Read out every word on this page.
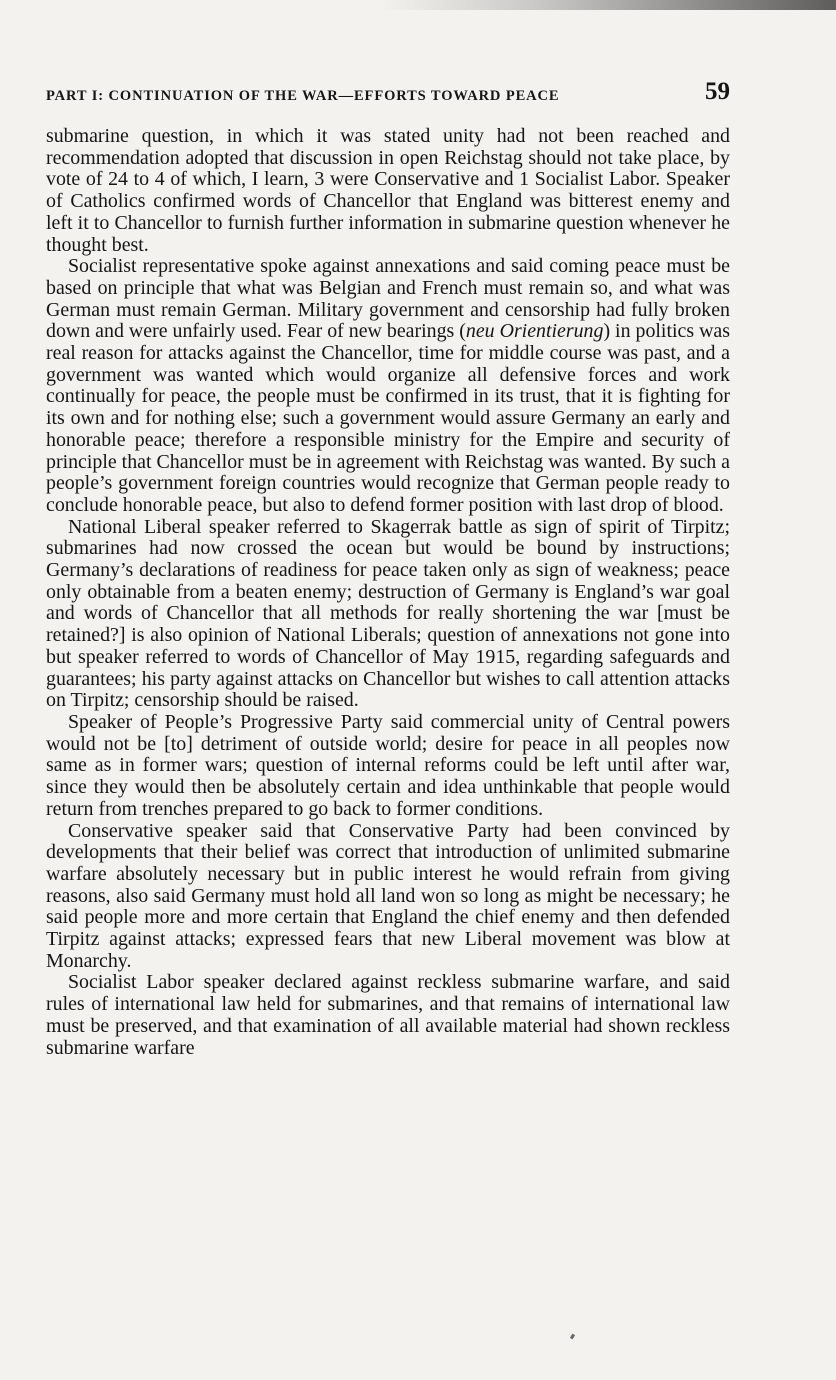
PART I: CONTINUATION OF THE WAR—EFFORTS TOWARD PEACE	59

submarine question, in which it was stated unity had not been reached and recommendation adopted that discussion in open Reichstag should not take place, by vote of 24 to 4 of which, I learn, 3 were Conservative and 1 Socialist Labor. Speaker of Catholics confirmed words of Chancellor that England was bitterest enemy and left it to Chancellor to furnish further information in submarine question whenever he thought best.

Socialist representative spoke against annexations and said coming peace must be based on principle that what was Belgian and French must remain so, and what was German must remain German. Military government and censorship had fully broken down and were unfairly used. Fear of new bearings (neu Orientierung) in politics was real reason for attacks against the Chancellor, time for middle course was past, and a government was wanted which would organize all defensive forces and work continually for peace, the people must be confirmed in its trust, that it is fighting for its own and for nothing else; such a government would assure Germany an early and honorable peace; therefore a responsible ministry for the Empire and security of principle that Chancellor must be in agreement with Reichstag was wanted. By such a people’s government foreign countries would recognize that German people ready to conclude honorable peace, but also to defend former position with last drop of blood.

National Liberal speaker referred to Skagerrak battle as sign of spirit of Tirpitz; submarines had now crossed the ocean but would be bound by instructions; Germany’s declarations of readiness for peace taken only as sign of weakness; peace only obtainable from a beaten enemy; destruction of Germany is England’s war goal and words of Chancellor that all methods for really shortening the war [must be retained?] is also opinion of National Liberals; question of annexations not gone into but speaker referred to words of Chancellor of May 1915, regarding safeguards and guarantees; his party against attacks on Chancellor but wishes to call attention attacks on Tirpitz; censorship should be raised.

Speaker of People’s Progressive Party said commercial unity of Central powers would not be [to] detriment of outside world; desire for peace in all peoples now same as in former wars; question of internal reforms could be left until after war, since they would then be absolutely certain and idea unthinkable that people would return from trenches prepared to go back to former conditions.

Conservative speaker said that Conservative Party had been convinced by developments that their belief was correct that introduction of unlimited submarine warfare absolutely necessary but in public interest he would refrain from giving reasons, also said Germany must hold all land won so long as might be necessary; he said people more and more certain that England the chief enemy and then defended Tirpitz against attacks; expressed fears that new Liberal movement was blow at Monarchy.

Socialist Labor speaker declared against reckless submarine warfare, and said rules of international law held for submarines, and that remains of international law must be preserved, and that examination of all available material had shown reckless submarine warfare
